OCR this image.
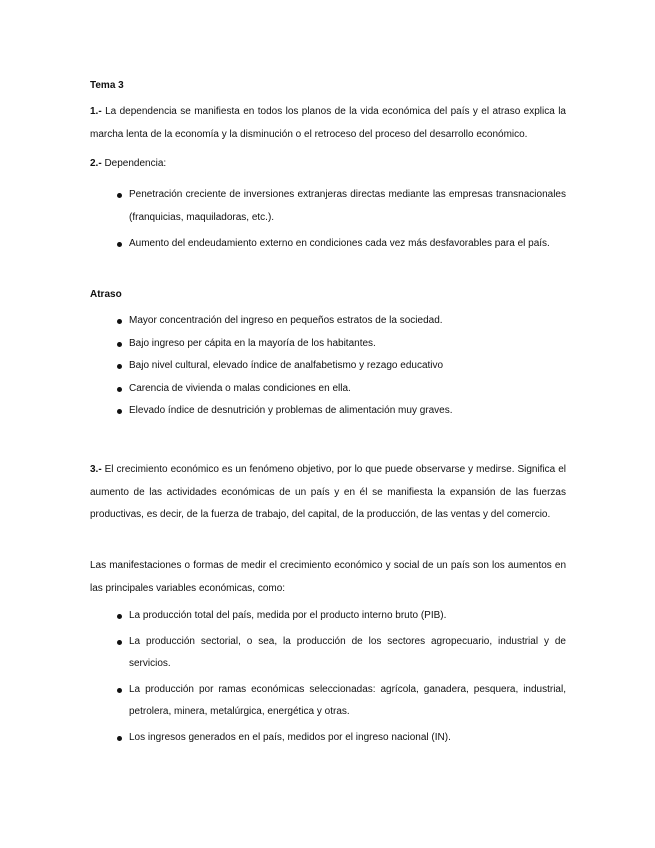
Tema 3

1.- La dependencia se manifiesta en todos los planos de la vida económica del país y el atraso explica la marcha lenta de la economía y la disminución o el retroceso del proceso del desarrollo económico.

2.- Dependencia:

Penetración creciente de inversiones extranjeras directas mediante las empresas transnacionales (franquicias, maquiladoras, etc.).
Aumento del endeudamiento externo en condiciones cada vez más desfavorables para el país.

Atraso

Mayor concentración del ingreso en pequeños estratos de la sociedad.
Bajo ingreso per cápita en la mayoría de los habitantes.
Bajo nivel cultural, elevado índice de analfabetismo y rezago educativo
Carencia de vivienda o malas condiciones en ella.
Elevado índice de desnutrición y problemas de alimentación muy graves.

3.- El crecimiento económico es un fenómeno objetivo, por lo que puede observarse y medirse. Significa el aumento de las actividades económicas de un país y en él se manifiesta la expansión de las fuerzas productivas, es decir, de la fuerza de trabajo, del capital, de la producción, de las ventas y del comercio.

Las manifestaciones o formas de medir el crecimiento económico y social de un país son los aumentos en las principales variables económicas, como:

La producción total del país, medida por el producto interno bruto (PIB).
La producción sectorial, o sea, la producción de los sectores agropecuario, industrial y de servicios.
La producción por ramas económicas seleccionadas: agrícola, ganadera, pesquera, industrial, petrolera, minera, metalúrgica, energética y otras.
Los ingresos generados en el país, medidos por el ingreso nacional (IN).
